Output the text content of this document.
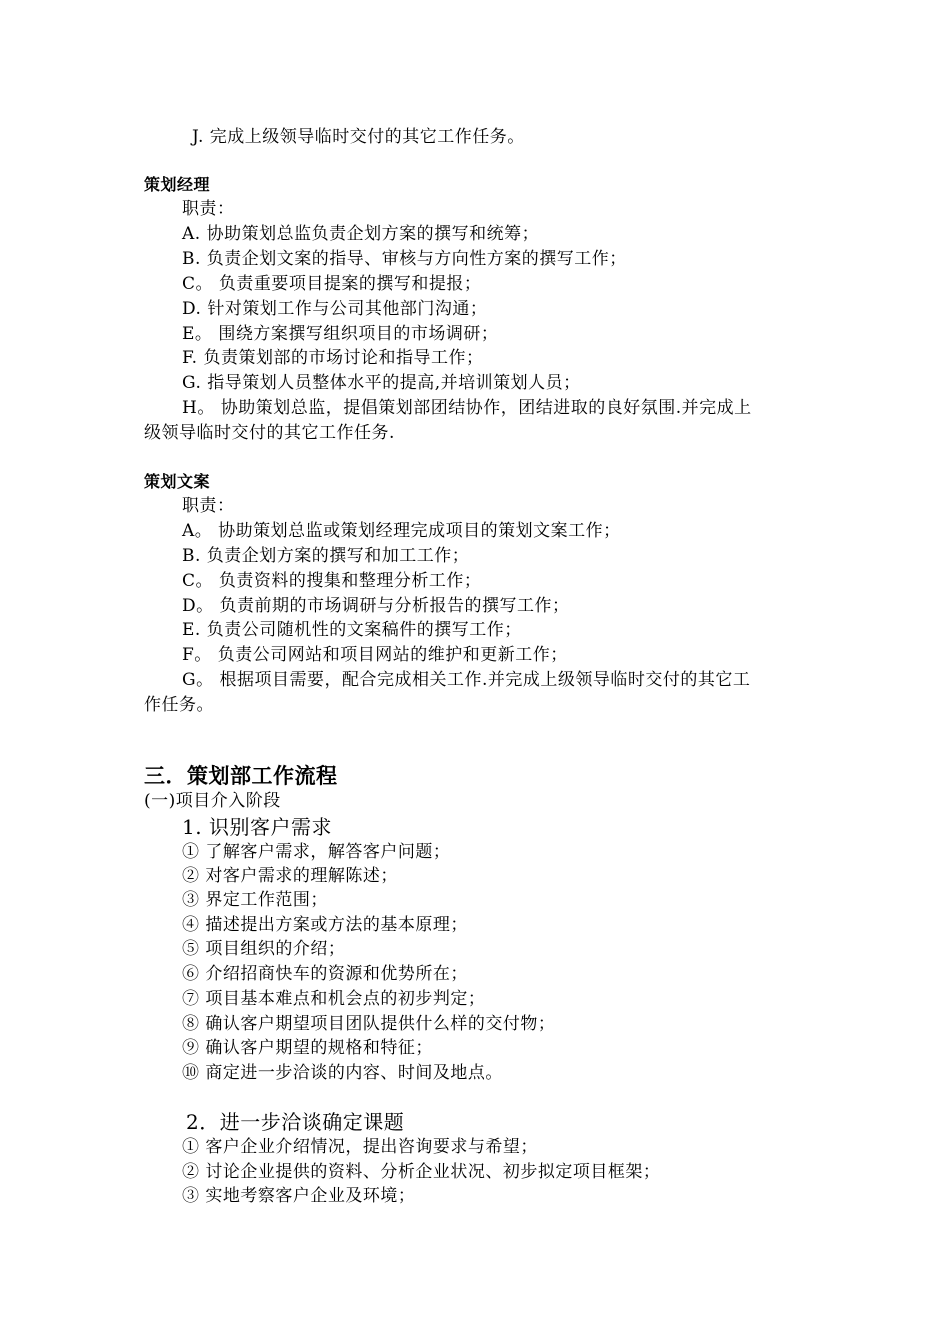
J. 完成上级领导临时交付的其它工作任务。
策划经理
职责：
A. 协助策划总监负责企划方案的撰写和统筹；
B. 负责企划文案的指导、审核与方向性方案的撰写工作；
C。 负责重要项目提案的撰写和提报；
D. 针对策划工作与公司其他部门沟通；
E。 围绕方案撰写组织项目的市场调研；
F. 负责策划部的市场讨论和指导工作；
G. 指导策划人员整体水平的提高,并培训策划人员；
H。 协助策划总监，提倡策划部团结协作，团结进取的良好氛围.并完成上
级领导临时交付的其它工作任务.
策划文案
职责：
A。 协助策划总监或策划经理完成项目的策划文案工作；
B. 负责企划方案的撰写和加工工作；
C。 负责资料的搜集和整理分析工作；
D。 负责前期的市场调研与分析报告的撰写工作；
E. 负责公司随机性的文案稿件的撰写工作；
F。 负责公司网站和项目网站的维护和更新工作；
G。 根据项目需要，配合完成相关工作.并完成上级领导临时交付的其它工
作任务。
三．策划部工作流程
(一)项目介入阶段
1. 识别客户需求
① 了解客户需求，解答客户问题；
② 对客户需求的理解陈述；
③ 界定工作范围；
④ 描述提出方案或方法的基本原理；
⑤ 项目组织的介绍；
⑥ 介绍招商快车的资源和优势所在；
⑦ 项目基本难点和机会点的初步判定；
⑧ 确认客户期望项目团队提供什么样的交付物；
⑨ 确认客户期望的规格和特征；
⑩ 商定进一步洽谈的内容、时间及地点。
2．进一步洽谈确定课题
① 客户企业介绍情况，提出咨询要求与希望；
② 讨论企业提供的资料、分析企业状况、初步拟定项目框架；
③ 实地考察客户企业及环境；
